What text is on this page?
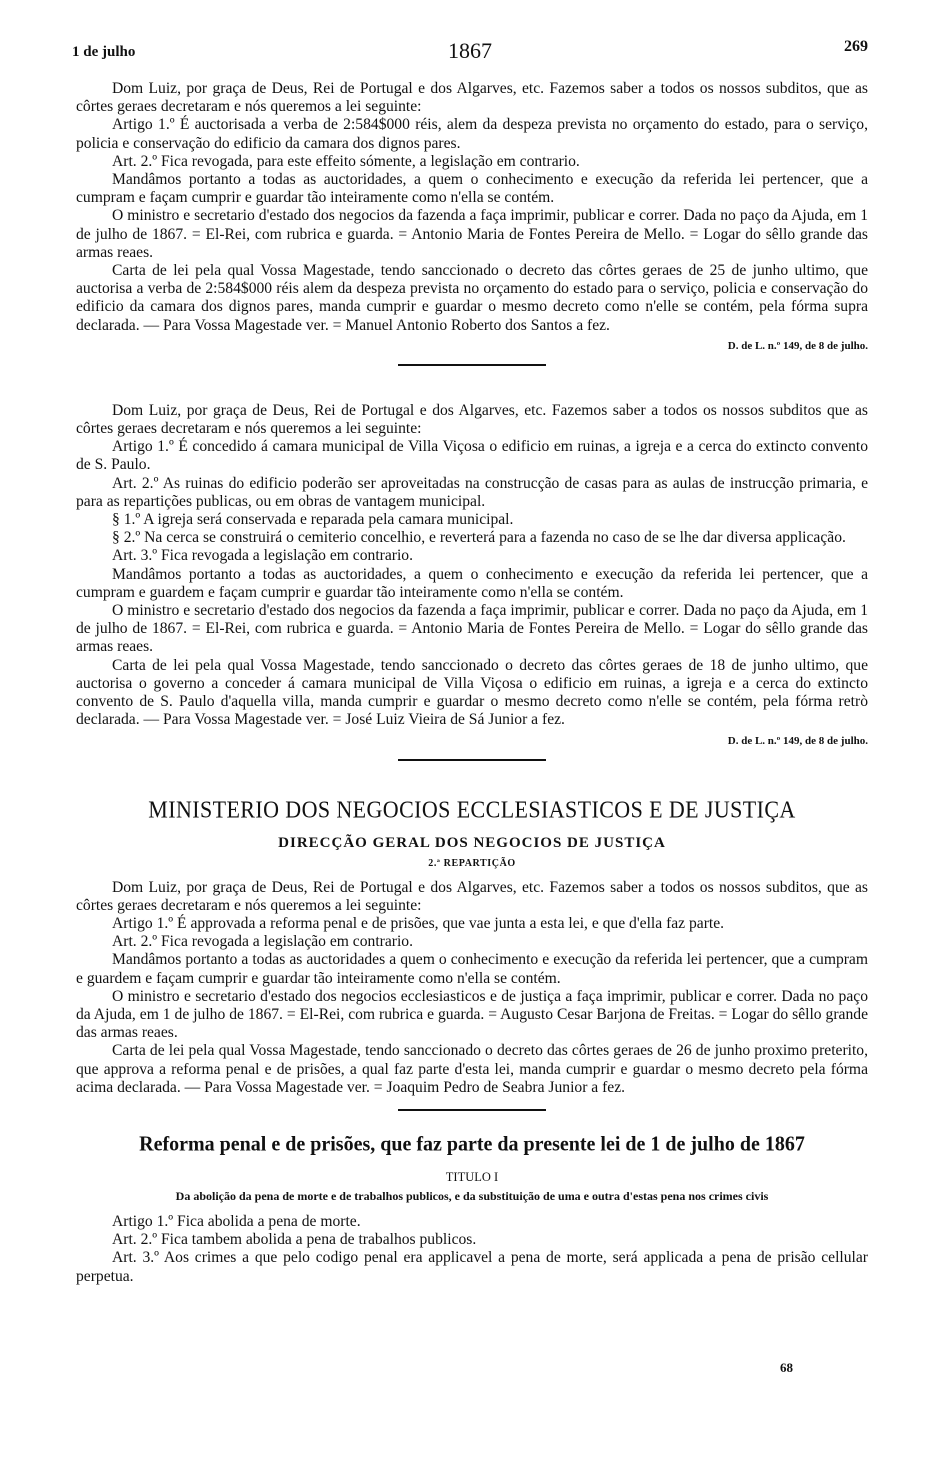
1 de julho	1867	269

Dom Luiz, por graça de Deus, Rei de Portugal e dos Algarves, etc. Fazemos saber a todos os nossos subditos, que as côrtes geraes decretaram e nós queremos a lei seguinte:

Artigo 1.º É auctorisada a verba de 2:584$000 réis, alem da despeza prevista no orçamento do estado, para o serviço, policia e conservação do edificio da camara dos dignos pares.

Art. 2.º Fica revogada, para este effeito sómente, a legislação em contrario.

Mandâmos portanto a todas as auctoridades, a quem o conhecimento e execução da referida lei pertencer, que a cumpram e façam cumprir e guardar tão inteiramente como n'ella se contém.

O ministro e secretario d'estado dos negocios da fazenda a faça imprimir, publicar e correr. Dada no paço da Ajuda, em 1 de julho de 1867. = El-Rei, com rubrica e guarda. = Antonio Maria de Fontes Pereira de Mello. = Logar do sêllo grande das armas reaes.

Carta de lei pela qual Vossa Magestade, tendo sanccionado o decreto das côrtes geraes de 25 de junho ultimo, que auctorisa a verba de 2:584$000 réis alem da despeza prevista no orçamento do estado para o serviço, policia e conservação do edificio da camara dos dignos pares, manda cumprir e guardar o mesmo decreto como n'elle se contém, pela fórma supra declarada. — Para Vossa Magestade ver. = Manuel Antonio Roberto dos Santos a fez.

D. de L. n.º 149, de 8 de julho.

Dom Luiz, por graça de Deus, Rei de Portugal e dos Algarves, etc. Fazemos saber a todos os nossos subditos que as côrtes geraes decretaram e nós queremos a lei seguinte:

Artigo 1.º É concedido á camara municipal de Villa Viçosa o edificio em ruinas, a igreja e a cerca do extincto convento de S. Paulo.

Art. 2.º As ruinas do edificio poderão ser aproveitadas na construcção de casas para as aulas de instrucção primaria, e para as repartições publicas, ou em obras de vantagem municipal.

§ 1.º A igreja será conservada e reparada pela camara municipal.

§ 2.º Na cerca se construirá o cemiterio concelhio, e reverterá para a fazenda no caso de se lhe dar diversa applicação.

Art. 3.º Fica revogada a legislação em contrario.

Mandâmos portanto a todas as auctoridades, a quem o conhecimento e execução da referida lei pertencer, que a cumpram e guardem e façam cumprir e guardar tão inteiramente como n'ella se contém.

O ministro e secretario d'estado dos negocios da fazenda a faça imprimir, publicar e correr. Dada no paço da Ajuda, em 1 de julho de 1867. = El-Rei, com rubrica e guarda. = Antonio Maria de Fontes Pereira de Mello. = Logar do sêllo grande das armas reaes.

Carta de lei pela qual Vossa Magestade, tendo sanccionado o decreto das côrtes geraes de 18 de junho ultimo, que auctorisa o governo a conceder á camara municipal de Villa Viçosa o edificio em ruinas, a igreja e a cerca do extincto convento de S. Paulo d'aquella villa, manda cumprir e guardar o mesmo decreto como n'elle se contém, pela fórma retrò declarada. — Para Vossa Magestade ver. = José Luiz Vieira de Sá Junior a fez.

D. de L. n.º 149, de 8 de julho.
MINISTERIO DOS NEGOCIOS ECCLESIASTICOS E DE JUSTIÇA
DIRECÇÃO GERAL DOS NEGOCIOS DE JUSTIÇA
2.ª REPARTIÇÃO

Dom Luiz, por graça de Deus, Rei de Portugal e dos Algarves, etc. Fazemos saber a todos os nossos subditos, que as côrtes geraes decretaram e nós queremos a lei seguinte:

Artigo 1.º É approvada a reforma penal e de prisões, que vae junta a esta lei, e que d'ella faz parte.

Art. 2.º Fica revogada a legislação em contrario.

Mandâmos portanto a todas as auctoridades a quem o conhecimento e execução da referida lei pertencer, que a cumpram e guardem e façam cumprir e guardar tão inteiramente como n'ella se contém.

O ministro e secretario d'estado dos negocios ecclesiasticos e de justiça a faça imprimir, publicar e correr. Dada no paço da Ajuda, em 1 de julho de 1867. = El-Rei, com rubrica e guarda. = Augusto Cesar Barjona de Freitas. = Logar do sêllo grande das armas reaes.

Carta de lei pela qual Vossa Magestade, tendo sanccionado o decreto das côrtes geraes de 26 de junho proximo preterito, que approva a reforma penal e de prisões, a qual faz parte d'esta lei, manda cumprir e guardar o mesmo decreto pela fórma acima declarada. — Para Vossa Magestade ver. = Joaquim Pedro de Seabra Junior a fez.

Reforma penal e de prisões, que faz parte da presente lei de 1 de julho de 1867
TITULO I
Da abolição da pena de morte e de trabalhos publicos, e da substituição de uma e outra d'estas pena nos crimes civis

Artigo 1.º Fica abolida a pena de morte.

Art. 2.º Fica tambem abolida a pena de trabalhos publicos.

Art. 3.º Aos crimes a que pelo codigo penal era applicavel a pena de morte, será applicada a pena de prisão cellular perpetua.

68
